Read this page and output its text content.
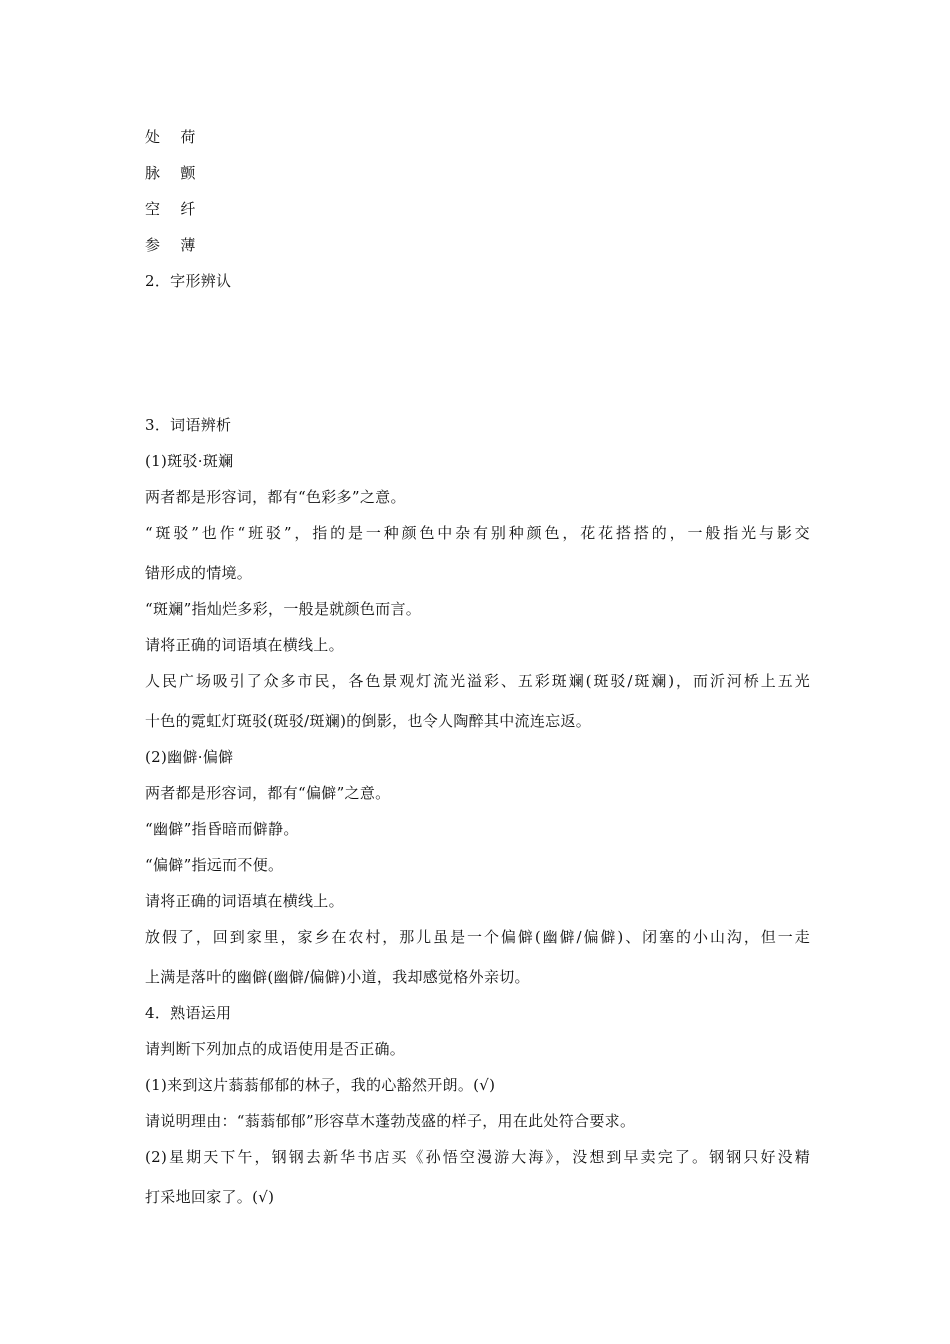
处 荷
脉 颤
空 纤
参 薄
2．字形辨认
3．词语辨析
(1)斑驳·斑斓
两者都是形容词，都有“色彩多”之意。
“斑驳”也作“班驳”，指的是一种颜色中杂有别种颜色，花花搭搭的，一般指光与影交
错形成的情境。
“斑斓”指灿烂多彩，一般是就颜色而言。
请将正确的词语填在横线上。
人民广场吸引了众多市民，各色景观灯流光溢彩、五彩斑斓(斑驳/斑斓)，而沂河桥上五光
十色的霓虹灯斑驳(斑驳/斑斓)的倒影，也令人陶醉其中流连忘返。
(2)幽僻·偏僻
两者都是形容词，都有“偏僻”之意。
“幽僻”指昏暗而僻静。
“偏僻”指远而不便。
请将正确的词语填在横线上。
放假了，回到家里，家乡在农村，那儿虽是一个偏僻(幽僻/偏僻)、闭塞的小山沟，但一走
上满是落叶的幽僻(幽僻/偏僻)小道，我却感觉格外亲切。
4．熟语运用
请判断下列加点的成语使用是否正确。
(1)来到这片蓊蓊郁郁的林子，我的心豁然开朗。(√)
请说明理由：“蓊蓊郁郁”形容草木蓬勃茂盛的样子，用在此处符合要求。
(2)星期天下午，钢钢去新华书店买《孙悟空漫游大海》，没想到早卖完了。钢钢只好没精
打采地回家了。(√)
